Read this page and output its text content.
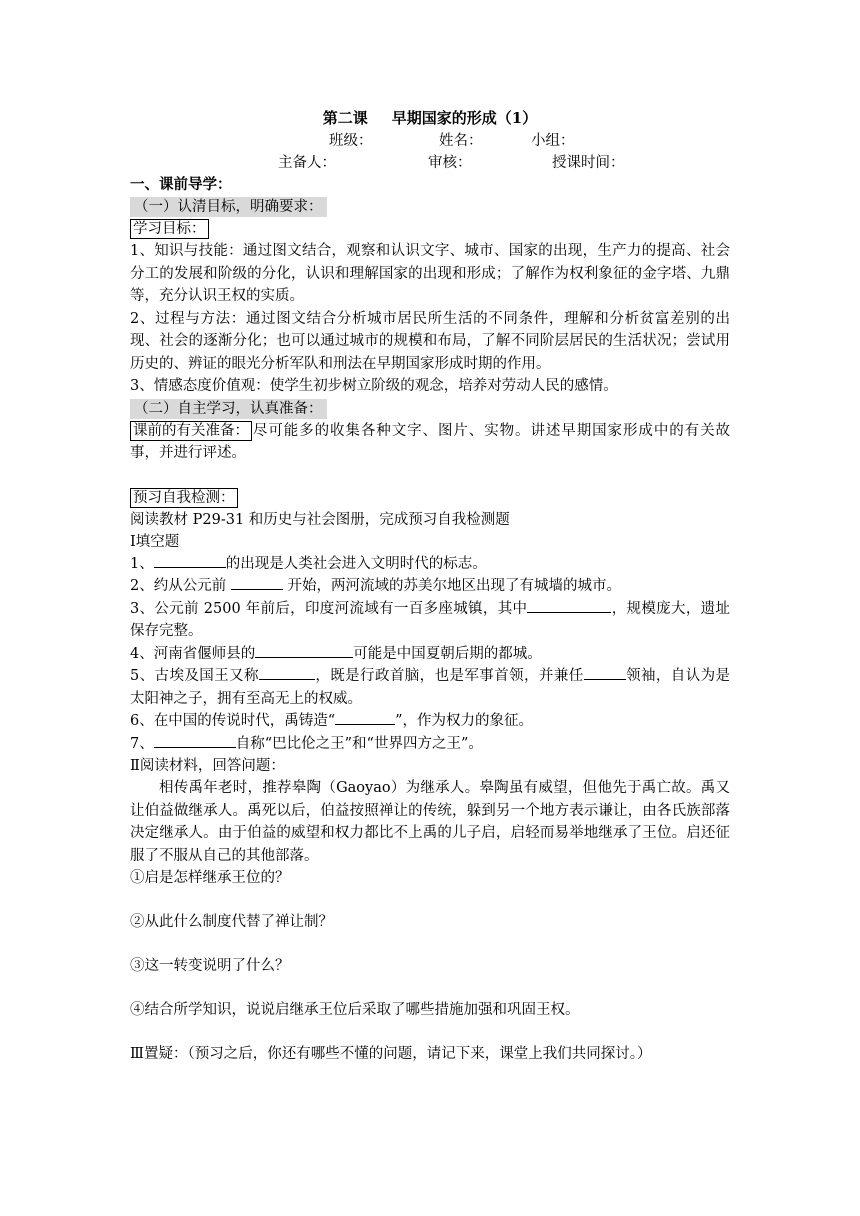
第二课 早期国家的形成（1）
班级：	姓名：	小组：
主备人：	审核：	授课时间：
一、课前导学：
（一）认清目标，明确要求：
学习目标：
1、知识与技能：通过图文结合，观察和认识文字、城市、国家的出现，生产力的提高、社会分工的发展和阶级的分化，认识和理解国家的出现和形成；了解作为权利象征的金字塔、九鼎等，充分认识王权的实质。
2、过程与方法：通过图文结合分析城市居民所生活的不同条件，理解和分析贫富差别的出现、社会的逐渐分化；也可以通过城市的规模和布局，了解不同阶层居民的生活状况；尝试用历史的、辨证的眼光分析军队和刑法在早期国家形成时期的作用。
3、情感态度价值观：使学生初步树立阶级的观念，培养对劳动人民的感情。
（二）自主学习，认真准备：
课前的有关准备： 尽可能多的收集各种文字、图片、实物。讲述早期国家形成中的有关故事，并进行评述。
预习自我检测：
阅读教材 P29-31 和历史与社会图册，完成预习自我检测题
Ⅰ填空题
1、	的出现是人类社会进入文明时代的标志。
2、约从公元前	开始，两河流域的苏美尔地区出现了有城墙的城市。
3、公元前 2500 年前后，印度河流域有一百多座城镇，其中	，规模庞大，遗址保存完整。
4、河南省偃师县的	可能是中国夏朝后期的都城。
5、古埃及国王又称	，既是行政首脑，也是军事首领，并兼任	领袖，自认为是太阳神之子，拥有至高无上的权威。
6、在中国的传说时代，禹铸造“	”，作为权力的象征。
7、	自称“巴比伦之王”和“世界四方之王”。
Ⅱ阅读材料，回答问题：
相传禹年老时，推荐皋陶（Gaoyao）为继承人。皋陶虽有威望，但他先于禹亡故。禹又让伯益做继承人。禹死以后，伯益按照禅让的传统，躲到另一个地方表示谦让，由各氏族部落决定继承人。由于伯益的威望和权力都比不上禹的儿子启，启轻而易举地继承了王位。启还征服了不服从自己的其他部落。
①启是怎样继承王位的？
②从此什么制度代替了禅让制？
③这一转变说明了什么？
④结合所学知识，说说启继承王位后采取了哪些措施加强和巩固王权。
Ⅲ置疑：（预习之后，你还有哪些不懂的问题，请记下来，课堂上我们共同探讨。）
